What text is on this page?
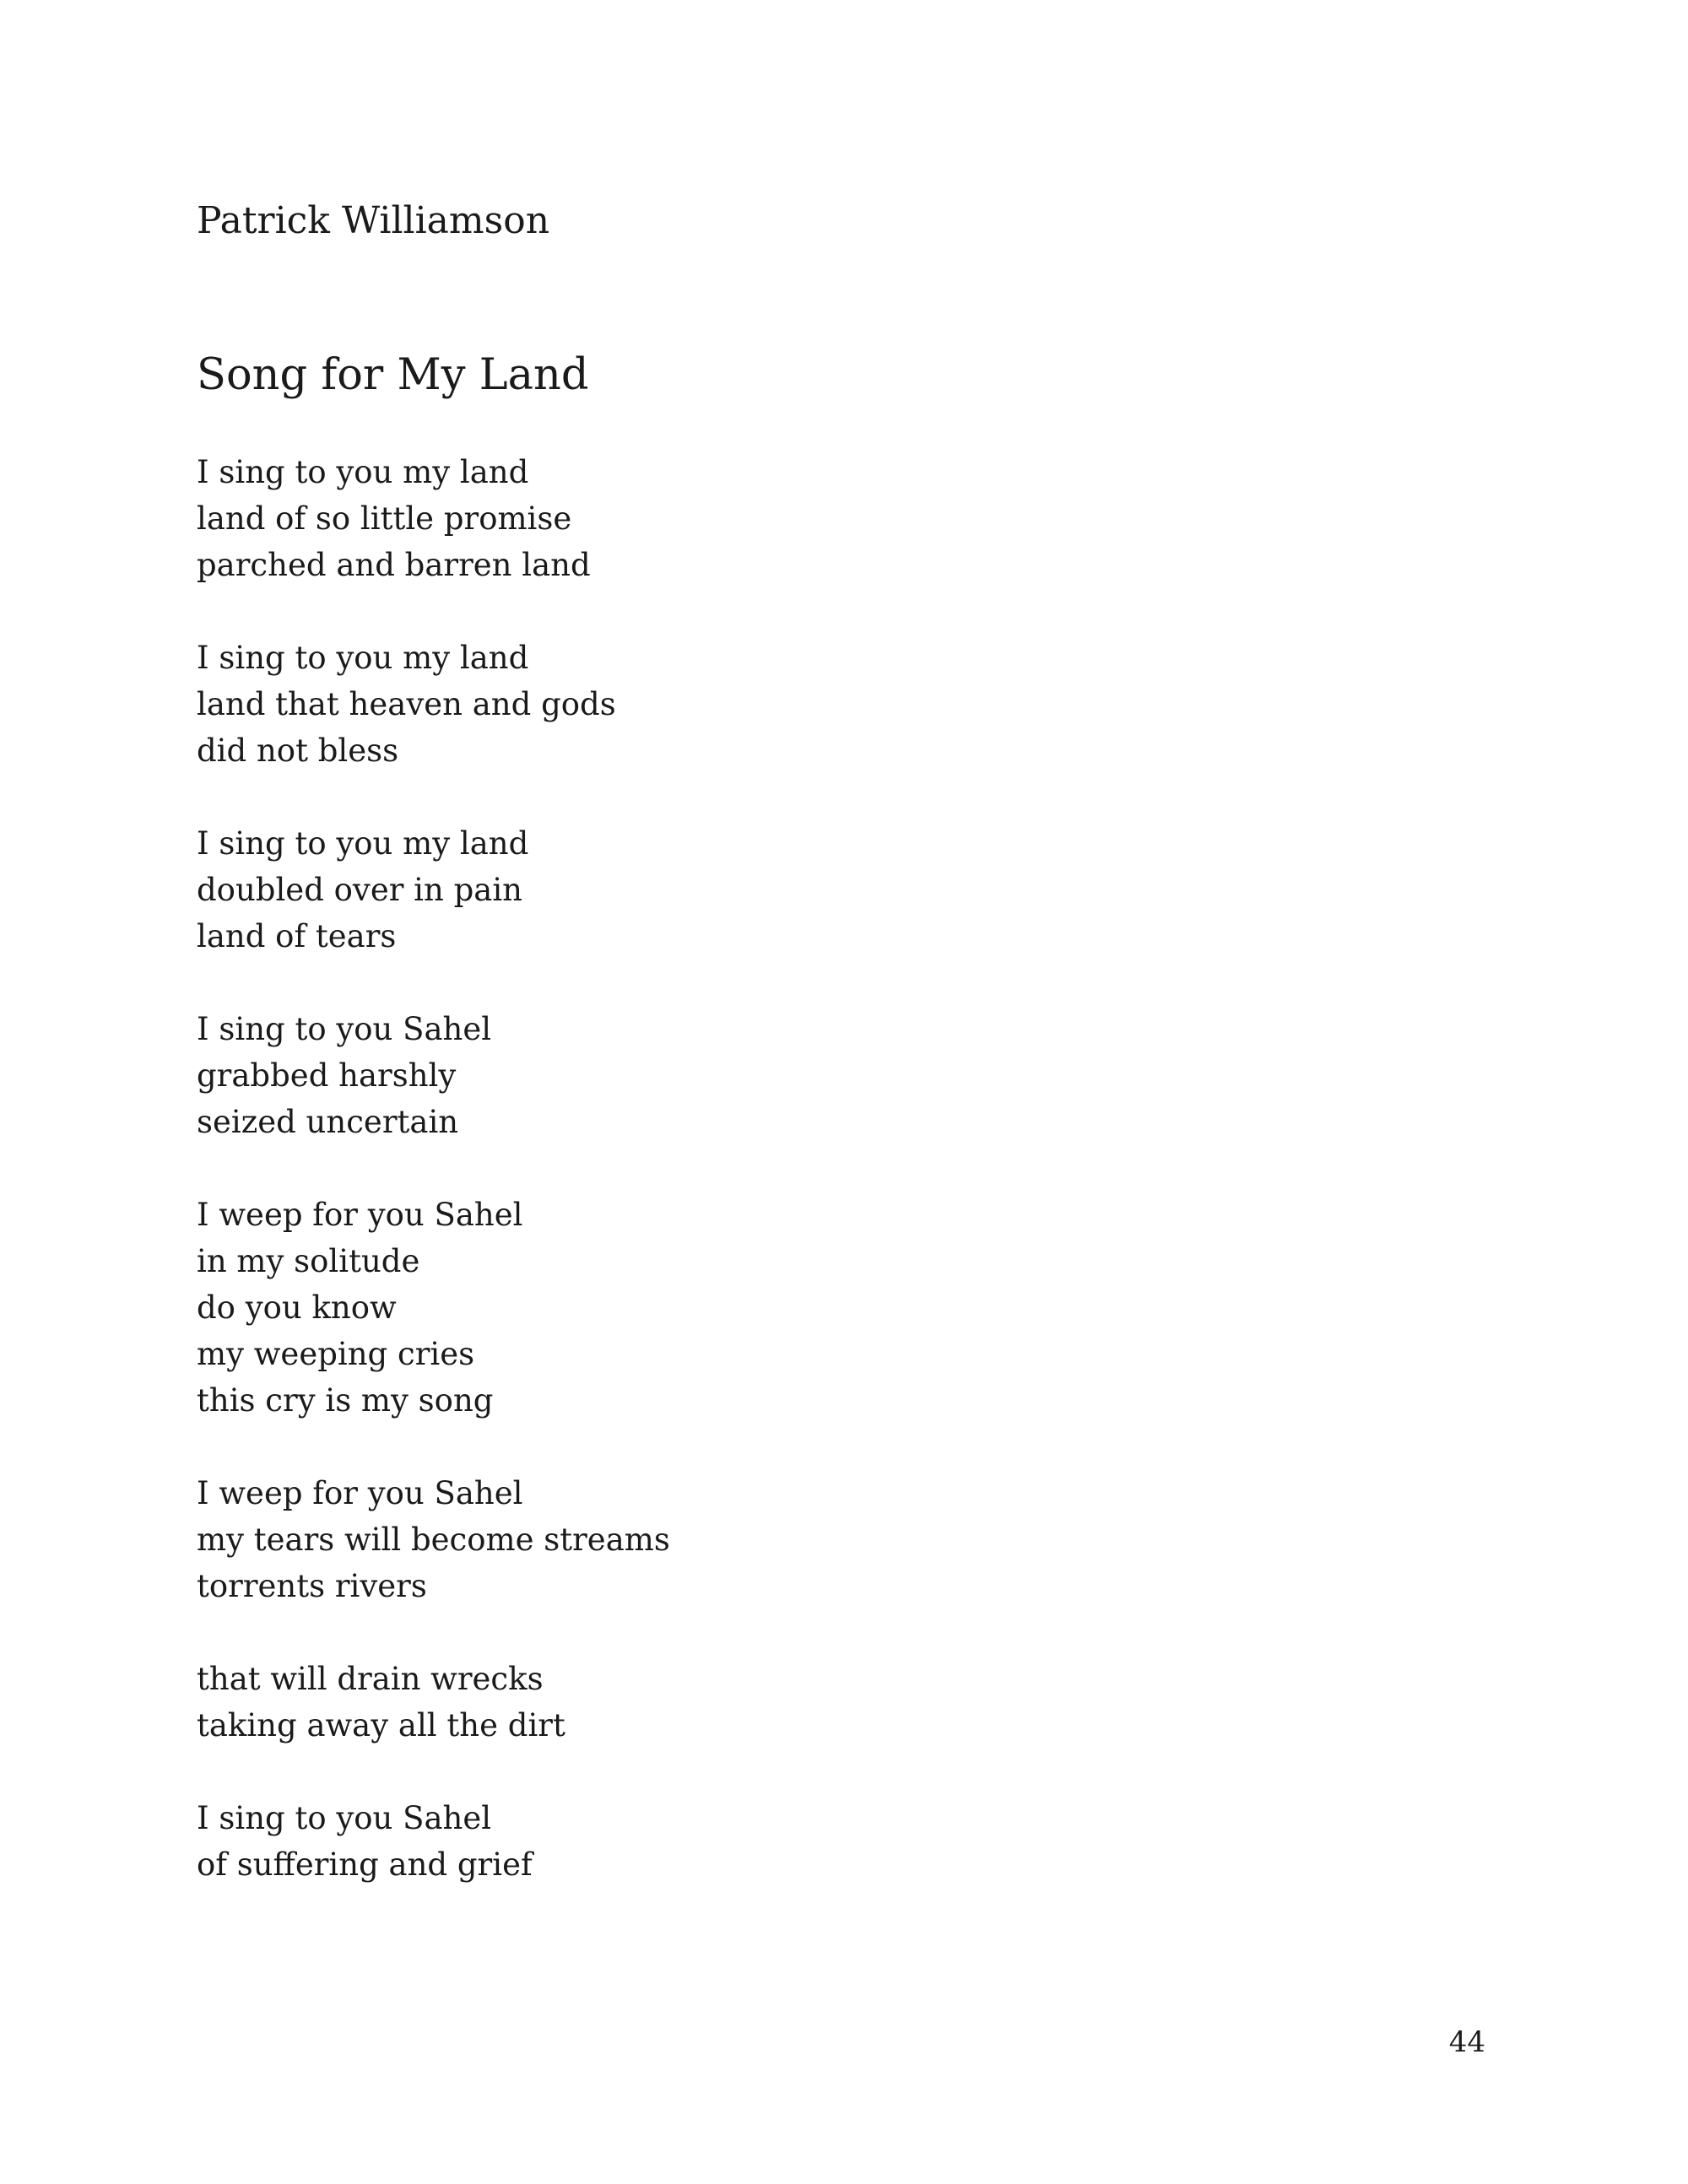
Patrick Williamson
Song for My Land
I sing to you my land
land of so little promise
parched and barren land
I sing to you my land
land that heaven and gods
did not bless
I sing to you my land
doubled over in pain
land of tears
I sing to you Sahel
grabbed harshly
seized uncertain
I weep for you Sahel
in my solitude
do you know
my weeping cries
this cry is my song
I weep for you Sahel
my tears will become streams
torrents rivers
that will drain wrecks
taking away all the dirt
I sing to you Sahel
of suffering and grief
44
